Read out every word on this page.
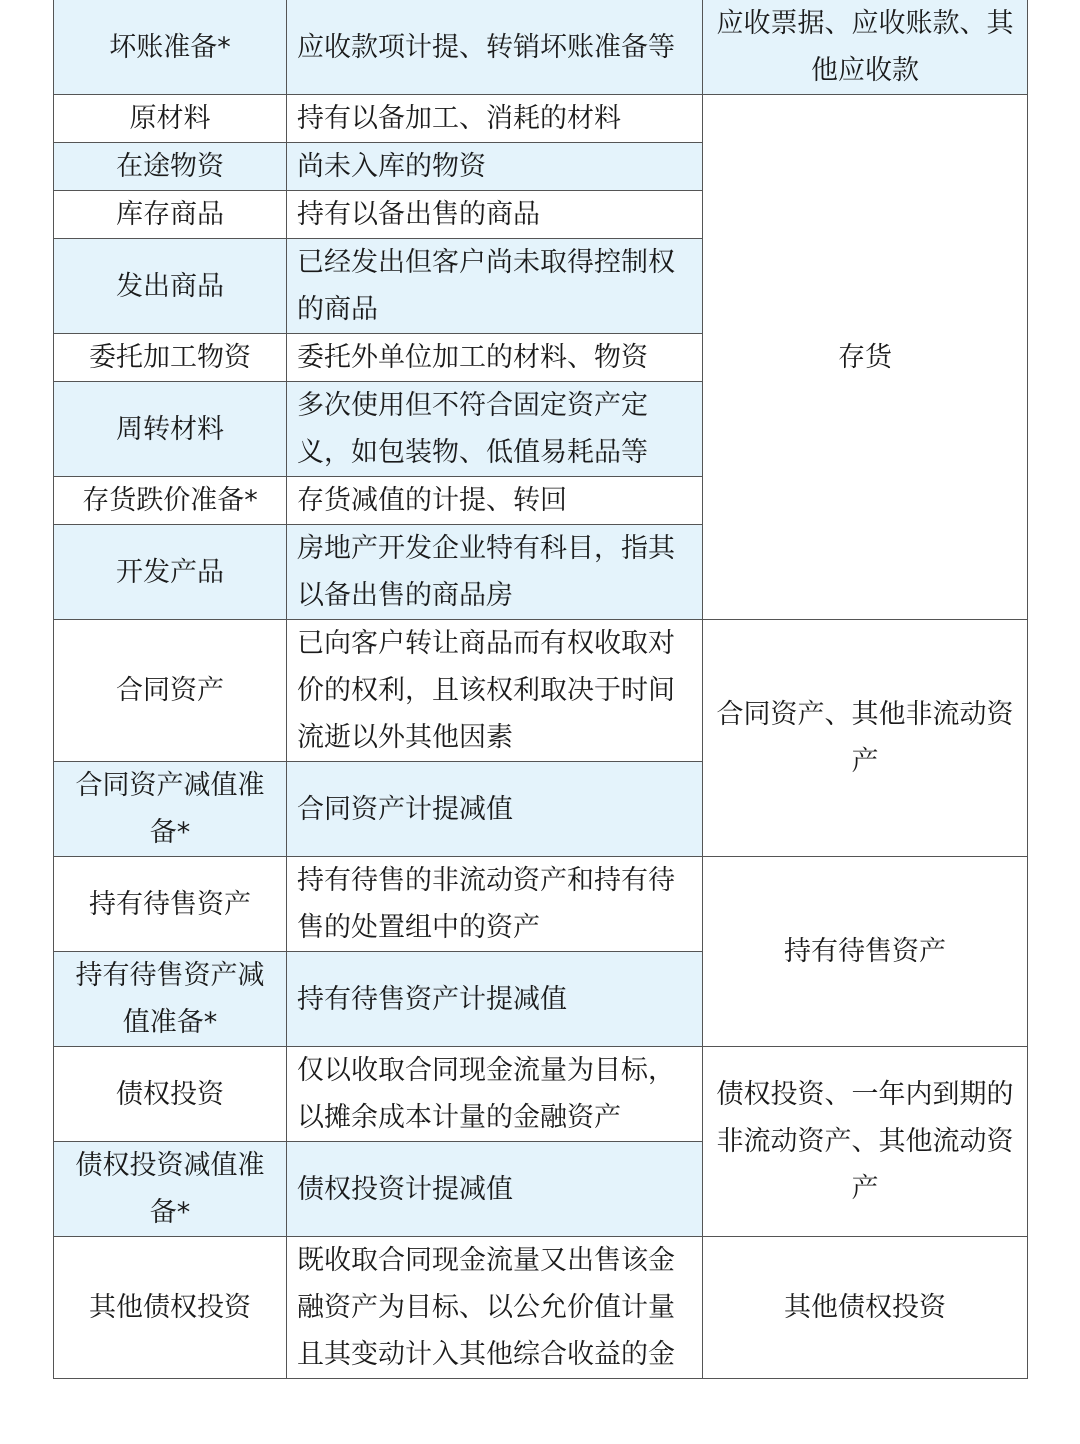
坏账准备*	应收款项计提、转销坏账准备等	应收票据、应收账款、其他应收款
原材料	持有以备加工、消耗的材料	存货
在途物资	尚未入库的物资	
库存商品	持有以备出售的商品	
发出商品	已经发出但客户尚未取得控制权的商品	
委托加工物资	委托外单位加工的材料、物资	
周转材料	多次使用但不符合固定资产定义，如包装物、低值易耗品等	
存货跌价准备*	存货减值的计提、转回	
开发产品	房地产开发企业特有科目，指其以备出售的商品房	
合同资产	已向客户转让商品而有权收取对价的权利，且该权利取决于时间流逝以外其他因素	合同资产、其他非流动资产
合同资产减值准备*	合同资产计提减值	
持有待售资产	持有待售的非流动资产和持有待售的处置组中的资产	持有待售资产
持有待售资产减值准备*	持有待售资产计提减值	
债权投资	仅以收取合同现金流量为目标，以摊余成本计量的金融资产	债权投资、一年内到期的非流动资产、其他流动资产
债权投资减值准备*	债权投资计提减值	
其他债权投资	既收取合同现金流量又出售该金融资产为目标、以公允价值计量且其变动计入其他综合收益的金	其他债权投资
